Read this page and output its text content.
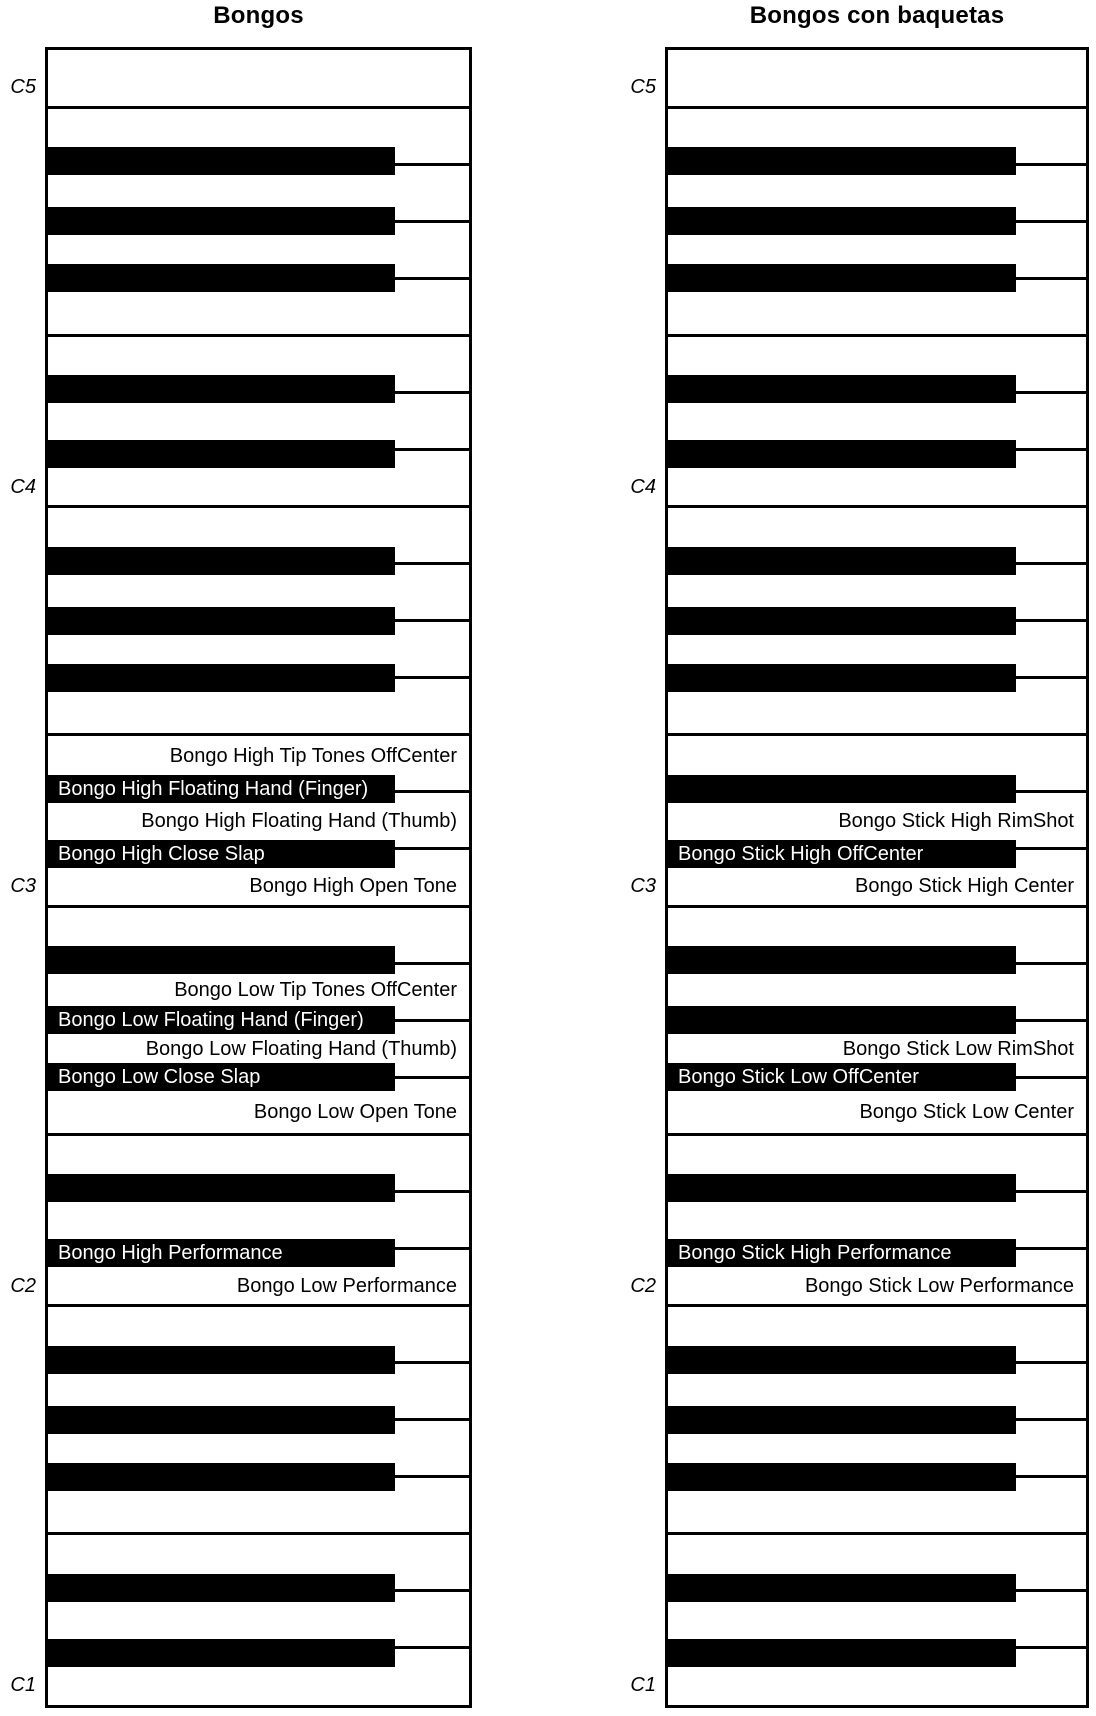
Bongos	Bongos con baquetas
Bongo High Floating Hand (Finger)
Bongo High Close Slap
Bongo Low Floating Hand (Finger)
Bongo Low Close Slap
Bongo High Performance
Bongo High Tip Tones OffCenter
Bongo High Floating Hand (Thumb)
Bongo High Open Tone
Bongo Low Tip Tones OffCenter
Bongo Low Floating Hand (Thumb)
Bongo Low Open Tone
Bongo Low Performance
C5
C4
C3
C2
C1
Bongo Stick High OffCenter
Bongo Stick Low OffCenter
Bongo Stick High Performance
Bongo Stick High RimShot
Bongo Stick High Center
Bongo Stick Low RimShot
Bongo Stick Low Center
Bongo Stick Low Performance
C5
C4
C3
C2
C1
